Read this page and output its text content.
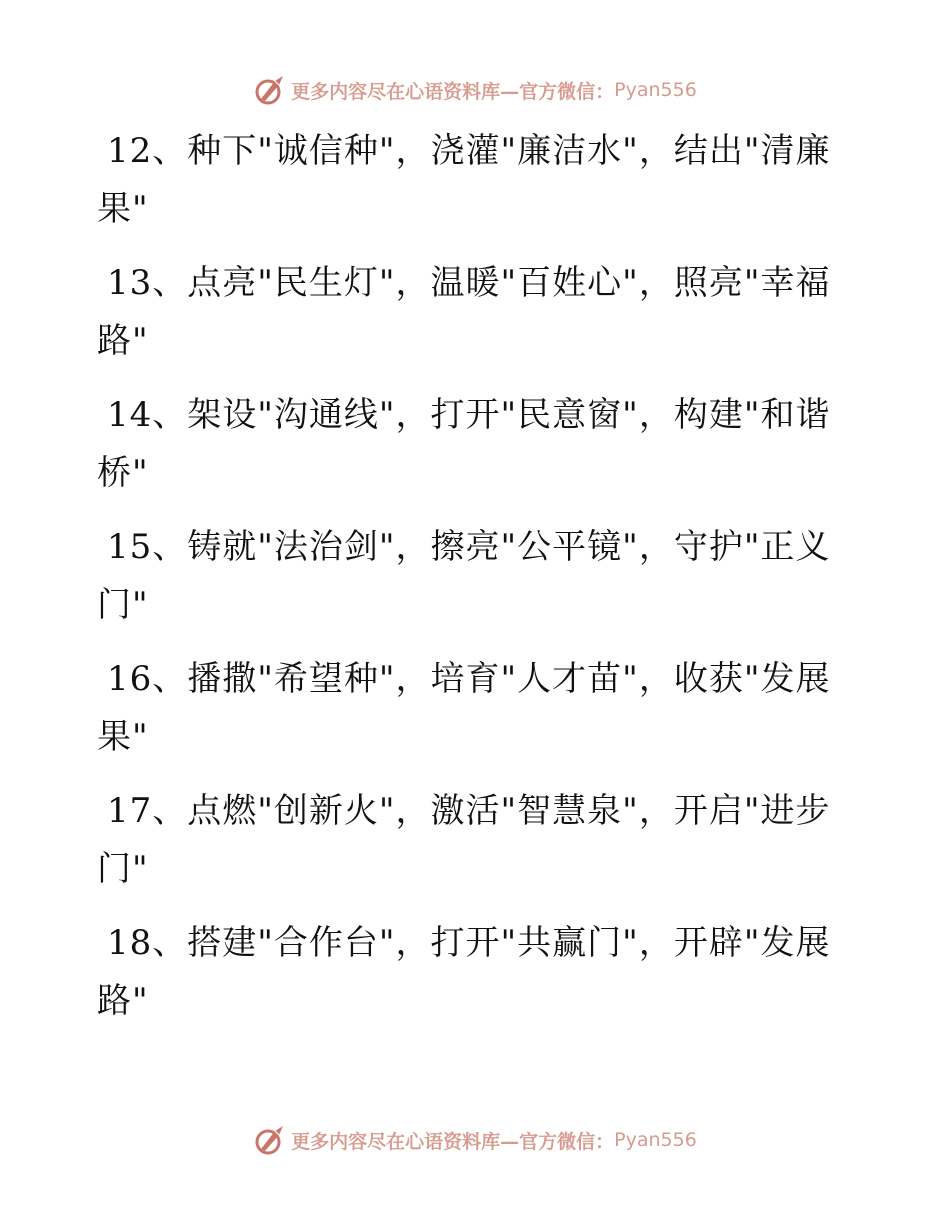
更多内容尽在心语资料库—官方微信： Pyan556
12、种下"诚信种"，浇灌"廉洁水"，结出"清廉
果"
13、点亮"民生灯"，温暖"百姓心"，照亮"幸福
路"
14、架设"沟通线"，打开"民意窗"，构建"和谐
桥"
15、铸就"法治剑"，擦亮"公平镜"，守护"正义
门"
16、播撒"希望种"，培育"人才苗"，收获"发展
果"
17、点燃"创新火"，激活"智慧泉"，开启"进步
门"
18、搭建"合作台"，打开"共赢门"，开辟"发展
路"
更多内容尽在心语资料库—官方微信： Pyan556
